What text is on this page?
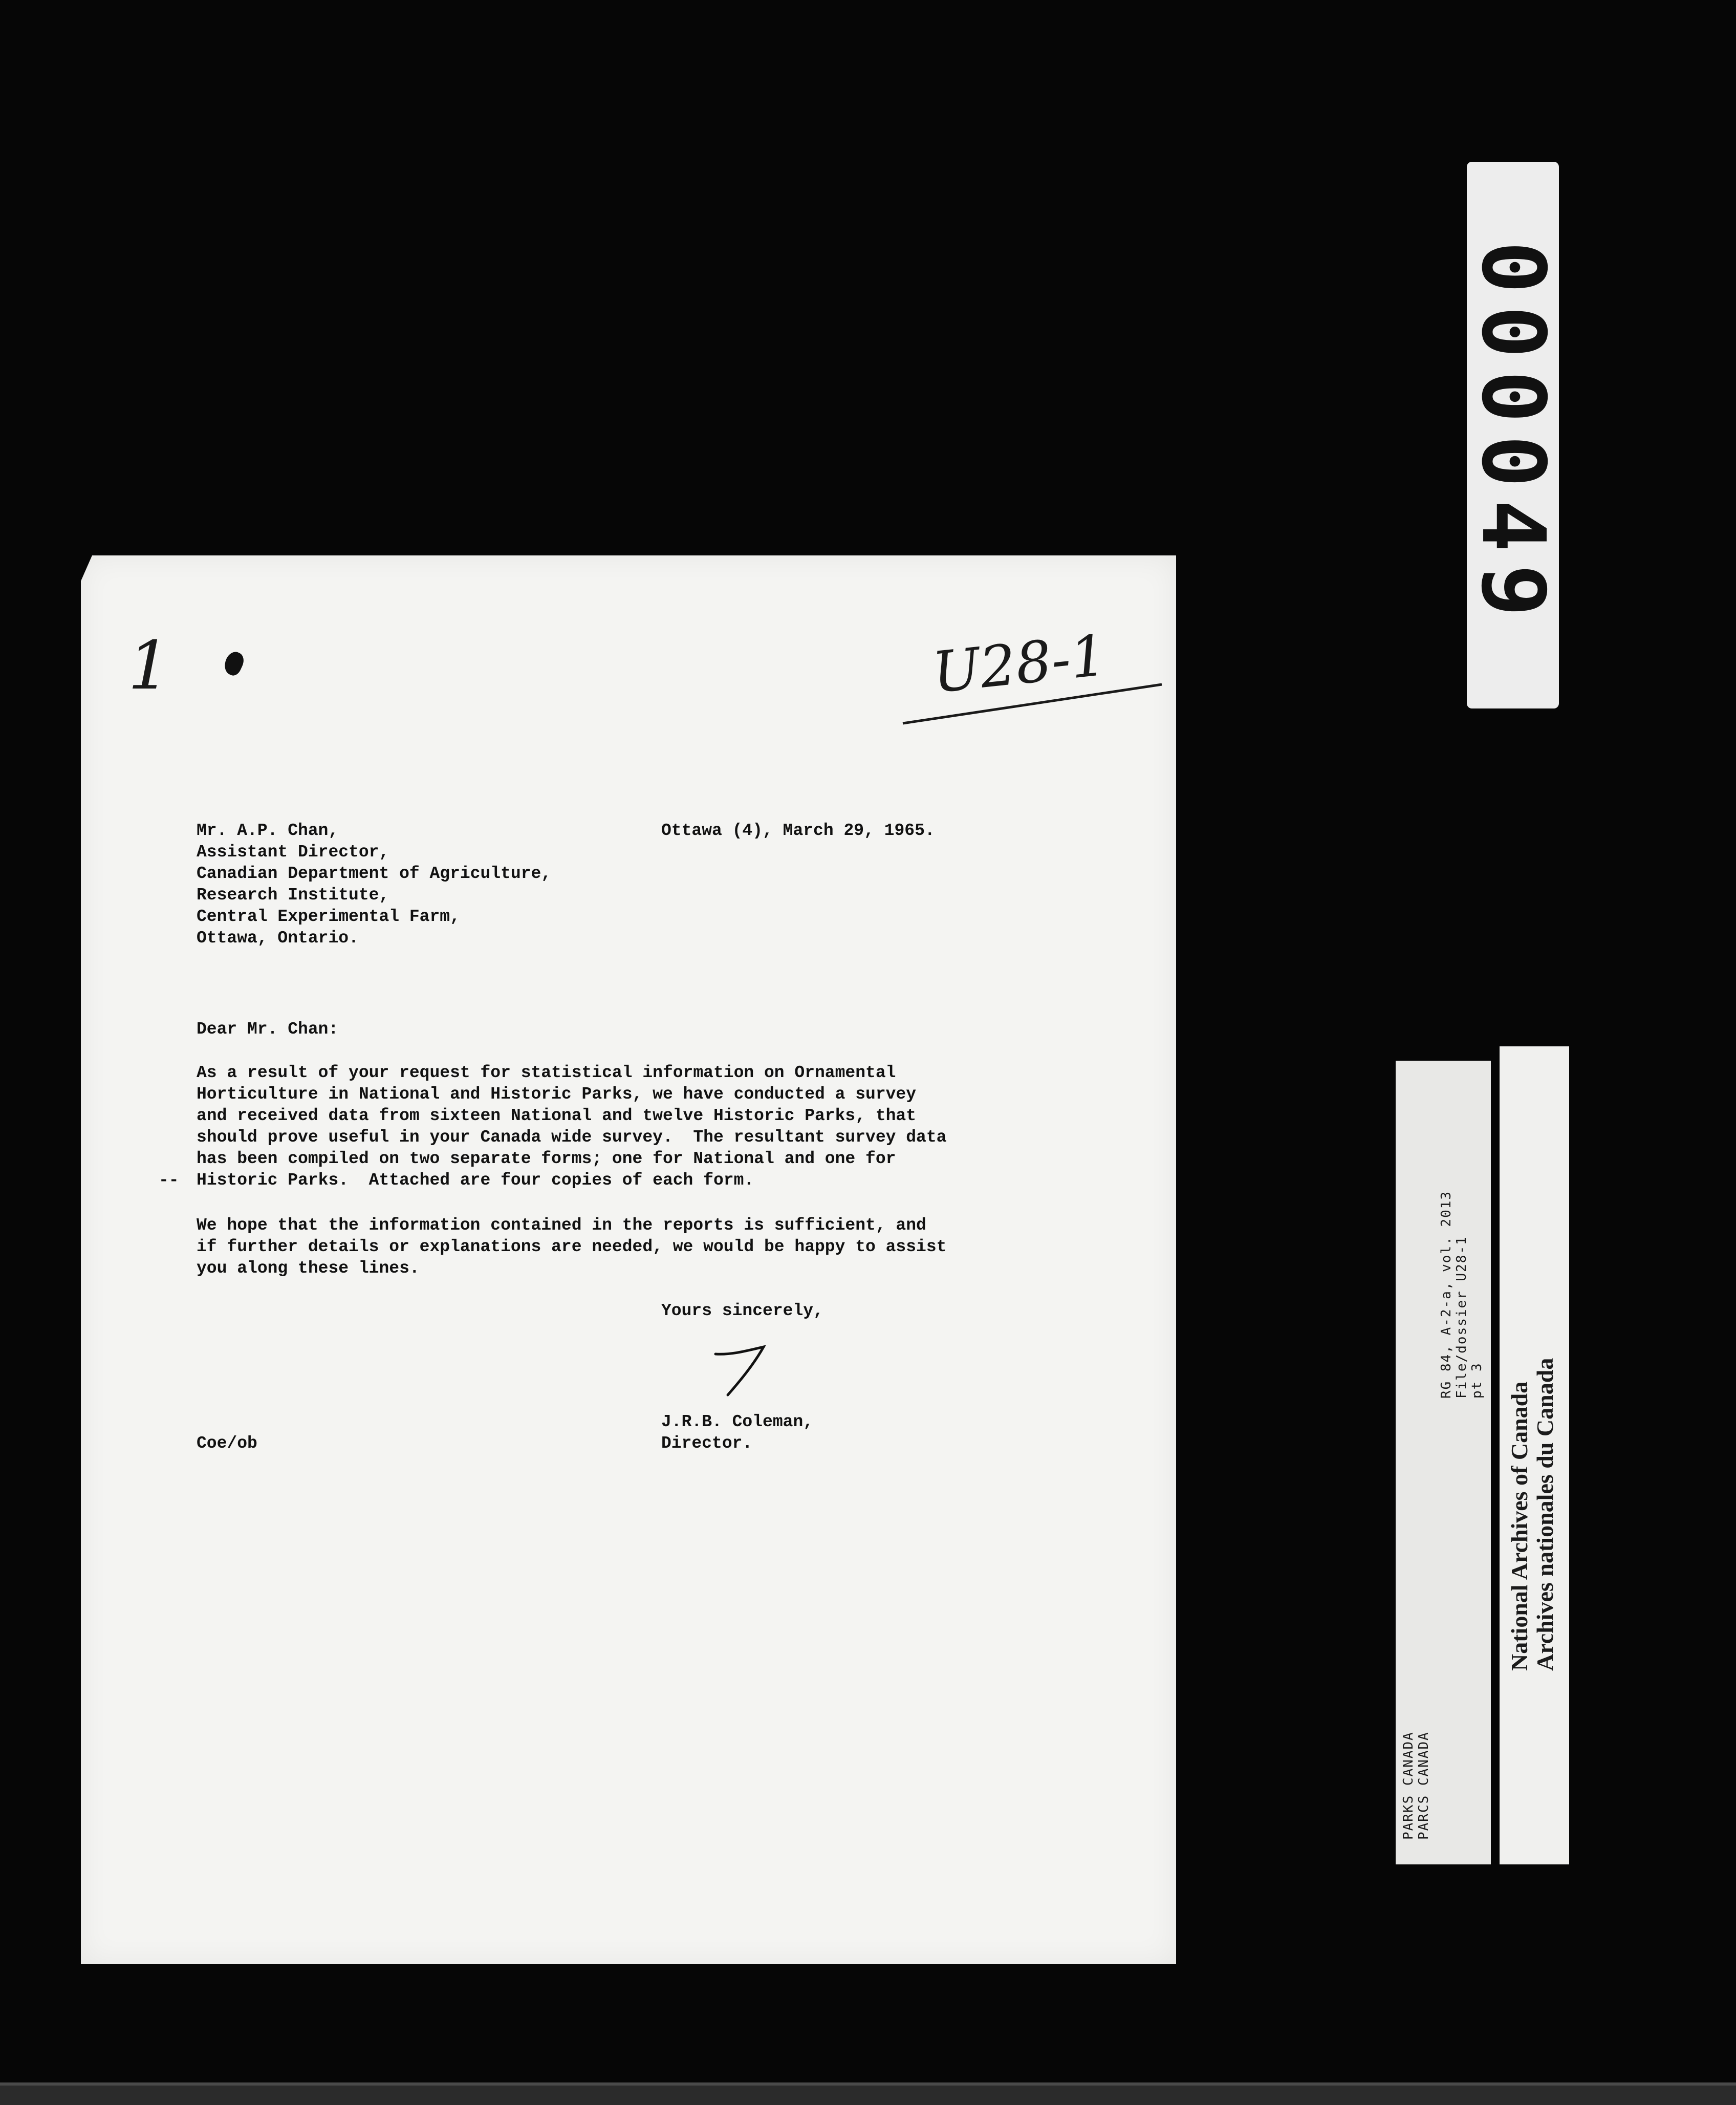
1	U28-1
Mr. A.P. Chan,
Assistant Director,
Canadian Department of Agriculture,
Research Institute,
Central Experimental Farm,
Ottawa, Ontario.
Ottawa (4), March 29, 1965.
Dear Mr. Chan:
As a result of your request for statistical information on Ornamental
Horticulture in National and Historic Parks, we have conducted a survey
and received data from sixteen National and twelve Historic Parks, that
should prove useful in your Canada wide survey.  The resultant survey data
has been compiled on two separate forms; one for National and one for
Historic Parks.  Attached are four copies of each form.
--
We hope that the information contained in the reports is sufficient, and
if further details or explanations are needed, we would be happy to assist
you along these lines.
Yours sincerely,
J.R.B. Coleman,
Director.
Coe/ob
000049
PARKS CANADA PARCS CANADA
RG 84, A-2-a, vol. 2013 File/dossier U28-1 pt 3
National Archives of Canada Archives nationales du Canada
